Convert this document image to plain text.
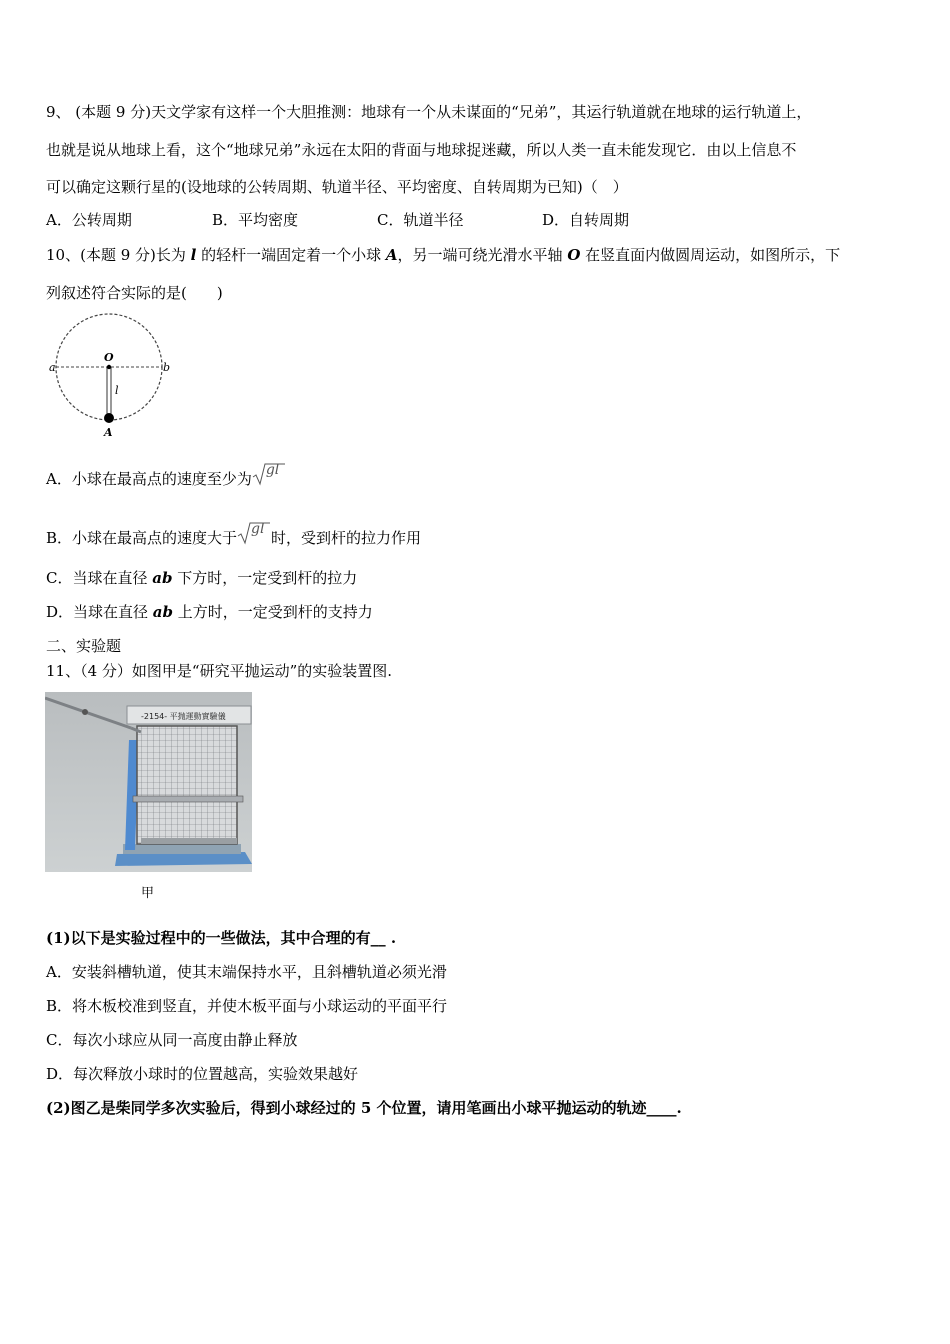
9、 (本题 9 分)天文学家有这样一个大胆推测：地球有一个从未谋面的“兄弟”，其运行轨道就在地球的运行轨道上，
也就是说从地球上看，这个“地球兄弟”永远在太阳的背面与地球捉迷藏，所以人类一直未能发现它．由以上信息不
可以确定这颗行星的(设地球的公转周期、轨道半径、平均密度、自转周期为已知)（　）
A．公转周期	B．平均密度	C．轨道半径	D．自转周期
10、(本题 9 分)长为 l 的轻杆一端固定着一个小球 A，另一端可绕光滑水平轴 O 在竖直面内做圆周运动，如图所示，下
列叙述符合实际的是(　　)
a	b
O
l
A
A．小球在最高点的速度至少为 gl
B．小球在最高点的速度大于 gl 时，受到杆的拉力作用
C．当球在直径 ab 下方时，一定受到杆的拉力
D．当球在直径 ab 上方时，一定受到杆的支持力
二、实验题
11、（4 分）如图甲是“研究平抛运动”的实验装置图.
-2154- 平抛運動實驗儀
甲
(1)以下是实验过程中的一些做法，其中合理的有__ .
A．安装斜槽轨道，使其末端保持水平，且斜槽轨道必须光滑
B．将木板校准到竖直，并使木板平面与小球运动的平面平行
C．每次小球应从同一高度由静止释放
D．每次释放小球时的位置越高，实验效果越好
(2)图乙是柴同学多次实验后，得到小球经过的 5 个位置，请用笔画出小球平抛运动的轨迹____.
